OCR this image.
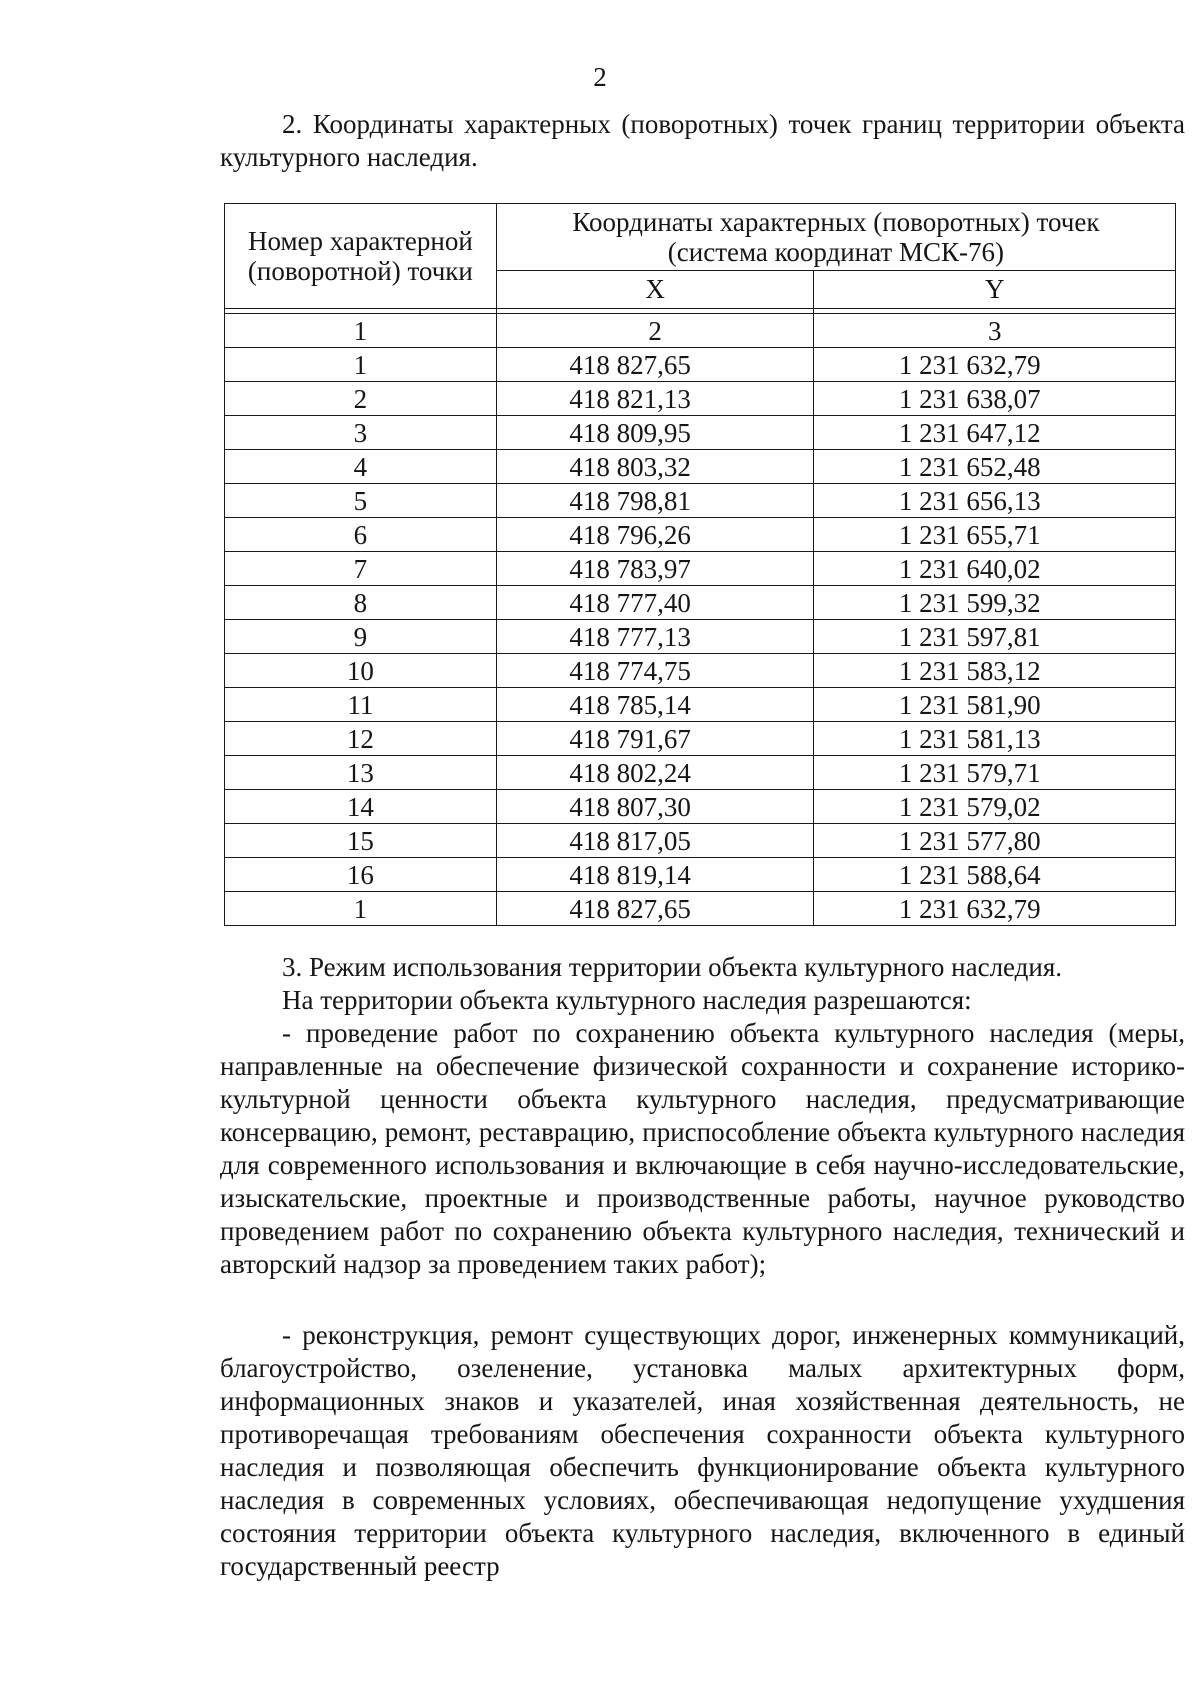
2

2. Координаты характерных (поворотных) точек границ территории объекта культурного наследия.

Номер характерной (поворотной) точки	Координаты характерных (поворотных) точек
(система координат МСК-76)	

	X	Y

1	2	3
1	418 827,65	1 231 632,79
2	418 821,13	1 231 638,07
3	418 809,95	1 231 647,12
4	418 803,32	1 231 652,48
5	418 798,81	1 231 656,13
6	418 796,26	1 231 655,71
7	418 783,97	1 231 640,02
8	418 777,40	1 231 599,32
9	418 777,13	1 231 597,81
10	418 774,75	1 231 583,12
11	418 785,14	1 231 581,90
12	418 791,67	1 231 581,13
13	418 802,24	1 231 579,71
14	418 807,30	1 231 579,02
15	418 817,05	1 231 577,80
16	418 819,14	1 231 588,64
1	418 827,65	1 231 632,79

3. Режим использования территории объекта культурного наследия.

На территории объекта культурного наследия разрешаются:

- проведение работ по сохранению объекта культурного наследия (меры, направленные на обеспечение физической сохранности и сохранение историко-культурной ценности объекта культурного наследия, предусматривающие консервацию, ремонт, реставрацию, приспособление объекта культурного наследия для современного использования и включающие в себя научно-исследовательские, изыскательские, проектные и производственные работы, научное руководство проведением работ по сохранению объекта культурного наследия, технический и авторский надзор за проведением таких работ);

- реконструкция, ремонт существующих дорог, инженерных коммуникаций, благоустройство, озеленение, установка малых архитектурных форм, информационных знаков и указателей, иная хозяйственная деятельность, не противоречащая требованиям обеспечения сохранности объекта культурного наследия и позволяющая обеспечить функционирование объекта культурного наследия в современных условиях, обеспечивающая недопущение ухудшения состояния территории объекта культурного наследия, включенного в единый государственный реестр
